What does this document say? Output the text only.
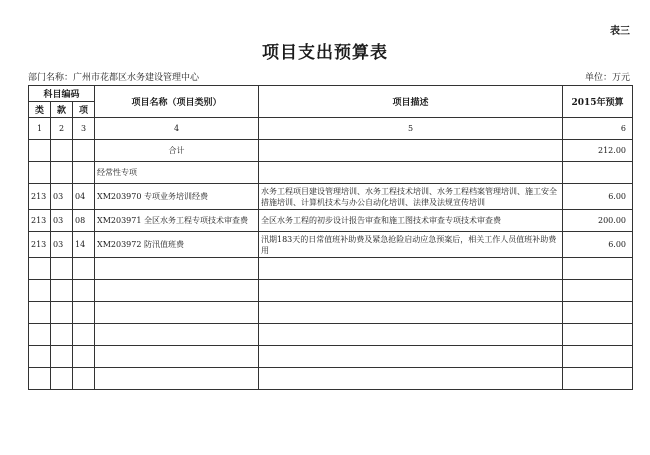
表三
项目支出预算表
部门名称：广州市花都区水务建设管理中心	单位：万元
科目编码			项目名称（项目类别）	项目描述	2015年预算
类	款	项			
1	2	3	4	5	6
			合计		212.00
			经常性专项		
213	03	04	XM203970 专项业务培训经费	水务工程项目建设管理培训、水务工程技术培训、水务工程档案管理培训、施工安全措施培训、计算机技术与办公自动化培训、法律及法规宣传培训	6.00
213	03	08	XM203971 全区水务工程专项技术审查费	全区水务工程的初步设计报告审查和施工图技术审查专项技术审查费	200.00
213	03	14	XM203972 防汛值班费	汛期183天的日常值班补助费及紧急抢险启动应急预案后，相关工作人员值班补助费用	6.00
